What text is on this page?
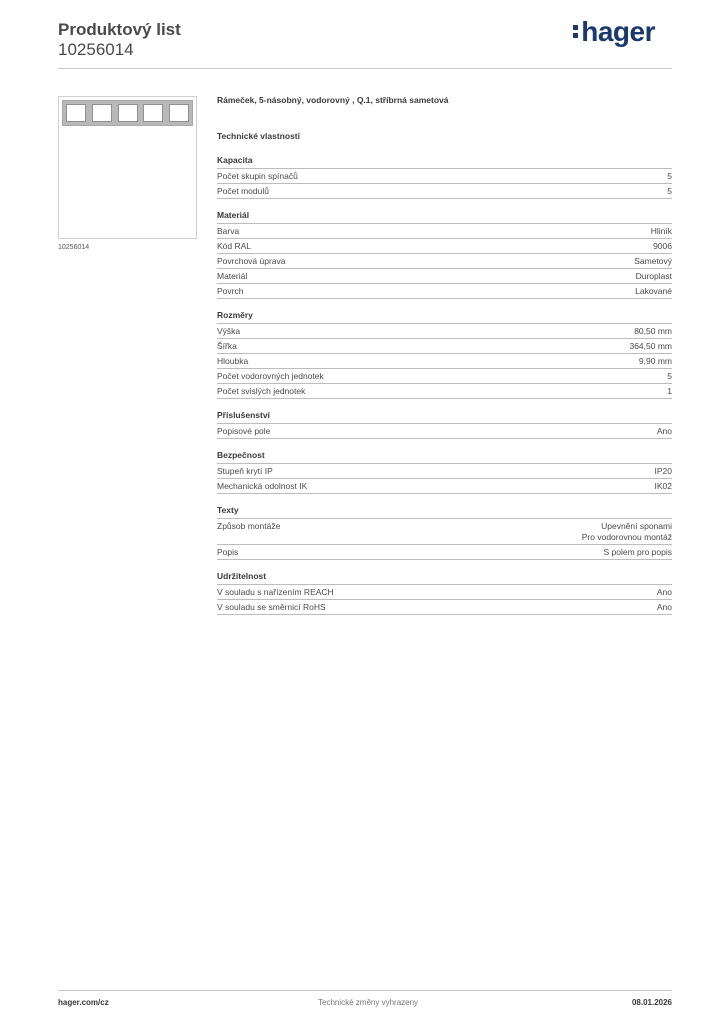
Produktový list
10256014
hager
10256014
Rámeček, 5-násobný, vodorovný , Q.1, stříbrná sametová
Technické vlastnosti
Kapacita
Počet skupin spínačů	5
Počet modulů	5
Materiál
Barva	Hliník
Kód RAL	9006
Povrchová úprava	Sametový
Materiál	Duroplast
Povrch	Lakované
Rozměry
Výška	80,50 mm
Šířka	364,50 mm
Hloubka	9,90 mm
Počet vodorovných jednotek	5
Počet svislých jednotek	1
Příslušenství
Popisové pole	Ano
Bezpečnost
Stupeň krytí IP	IP20
Mechanická odolnost IK	IK02
Texty
Způsob montáže	Upevnění sponami
Pro vodorovnou montáž
Popis	S polem pro popis
Udržitelnost
V souladu s nařízením REACH	Ano
V souladu se směrnicí RoHS	Ano
hager.com/cz	Technické změny vyhrazeny	08.01.2026
